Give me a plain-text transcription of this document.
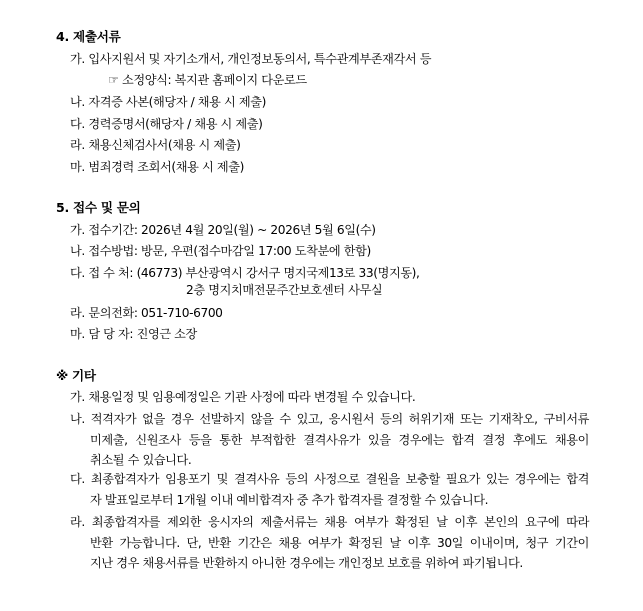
4. 제출서류
가. 입사지원서 및 자기소개서, 개인정보동의서, 특수관계부존재각서 등
☞ 소정양식: 복지관 홈페이지 다운로드
나. 자격증 사본(해당자 / 채용 시 제출)
다. 경력증명서(해당자 / 채용 시 제출)
라. 채용신체검사서(채용 시 제출)
마. 범죄경력 조회서(채용 시 제출)
5. 접수 및 문의
가. 접수기간: 2026년 4월 20일(월) ~ 2026년 5월 6일(수)
나. 접수방법: 방문, 우편(접수마감일 17:00 도착분에 한함)
다. 접 수 처: (46773) 부산광역시 강서구 명지국제13로 33(명지동),
2층 명지치매전문주간보호센터 사무실
라. 문의전화: 051-710-6700
마. 담 당 자: 진영근 소장
※ 기타
가. 채용일정 및 임용예정일은 기관 사정에 따라 변경될 수 있습니다.
나. 적격자가 없을 경우 선발하지 않을 수 있고, 응시원서 등의 허위기재 또는 기재착오, 구비서류
미제출, 신원조사 등을 통한 부적합한 결격사유가 있을 경우에는 합격 결정 후에도 채용이
취소될 수 있습니다.
다. 최종합격자가 임용포기 및 결격사유 등의 사정으로 결원을 보충할 필요가 있는 경우에는 합격
자 발표일로부터 1개월 이내 예비합격자 중 추가 합격자를 결정할 수 있습니다.
라. 최종합격자를 제외한 응시자의 제출서류는 채용 여부가 확정된 날 이후 본인의 요구에 따라
반환 가능합니다. 단, 반환 기간은 채용 여부가 확정된 날 이후 30일 이내이며, 청구 기간이
지난 경우 채용서류를 반환하지 아니한 경우에는 개인정보 보호를 위하여 파기됩니다.
